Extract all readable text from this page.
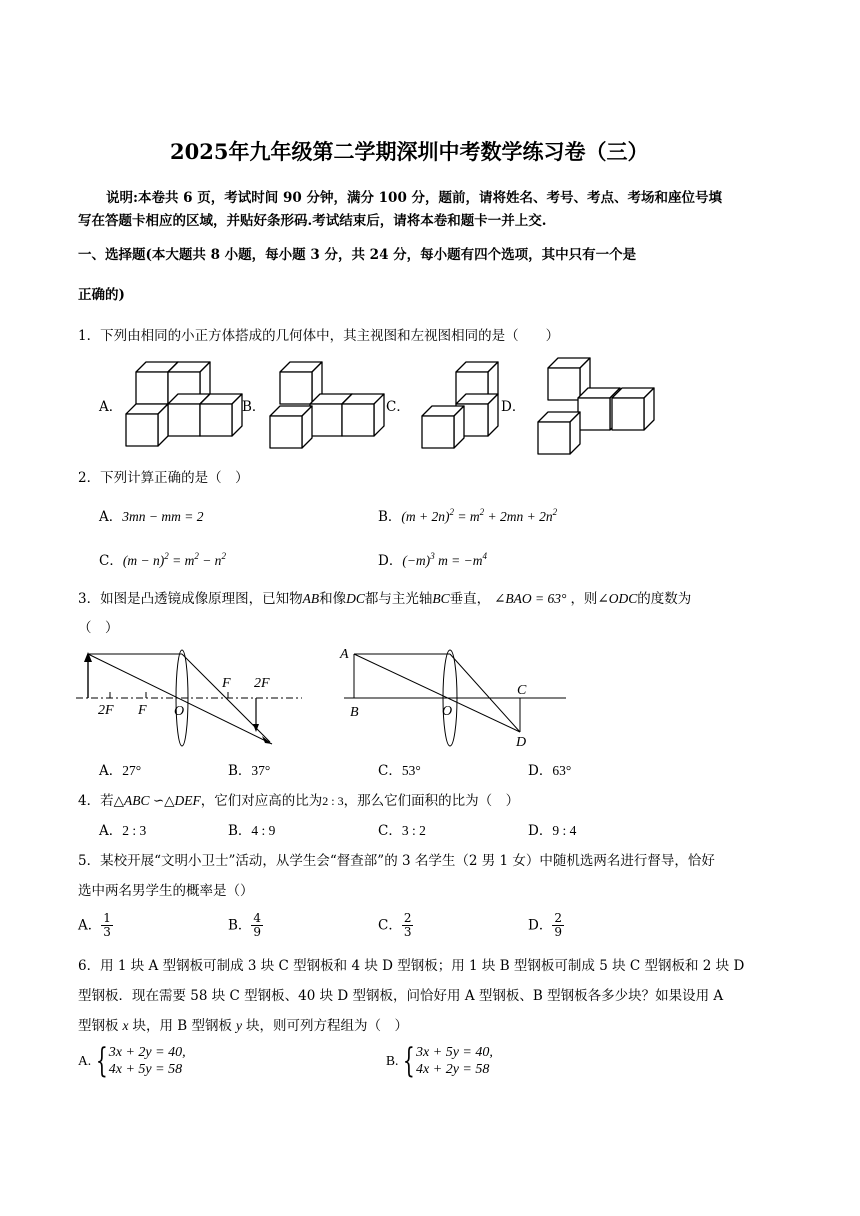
2025年九年级第二学期深圳中考数学练习卷（三）
说明:本卷共 6 页，考试时间 90 分钟，满分 100 分，题前，请将姓名、考号、考点、考场和座位号填
写在答题卡相应的区域，并贴好条形码.考试结束后，请将本卷和题卡一并上交.
一、选择题(本大题共 8 小题，每小题 3 分，共 24 分，每小题有四个选项，其中只有一个是
正确的)
1．下列由相同的小正方体搭成的几何体中，其主视图和左视图相同的是（　　）
A．	B．	C．	D．
2．下列计算正确的是（　）
A．3mn − mm = 2	B．$(m + 2n)^2 = m^2 + 2mn + 2n^2$
C．$(m - n)^2 = m^2 - n^2$	D．$(-m)^3$ $m = -m^4$
3．如图是凸透镜成像原理图，已知物AB和像DC都与主光轴BC垂直， ∠BAO = 63° ，则∠ODC的度数为
（　）
F 2F
2F F O
A
B	O
C
D
A．27°	B．37°	C．53°	D．63°
4．若△ABC ∽△DEF，它们对应高的比为2 : 3，那么它们面积的比为（　）
A．2 : 3	B．4 : 9	C．3 : 2	D．9 : 4
5．某校开展“文明小卫士”活动，从学生会“督查部”的 3 名学生（2 男 1 女）中随机选两名进行督导，恰好
选中两名男学生的概率是（）
A． $\frac{1}{3}$	B． $\frac{4}{9}$	C． $\frac{2}{3}$	D． $\frac{2}{9}$
6．用 1 块 A 型钢板可制成 3 块 C 型钢板和 4 块 D 型钢板；用 1 块 B 型钢板可制成 5 块 C 型钢板和 2 块 D
型钢板．现在需要 58 块 C 型钢板、40 块 D 型钢板，问恰好用 A 型钢板、B 型钢板各多少块？如果设用 A
型钢板 x 块，用 B 型钢板 y 块，则可列方程组为（　）
A. { 3x + 2y = 40,
4x + 5y = 58
B. { 3x + 5y = 40,
4x + 2y = 58
